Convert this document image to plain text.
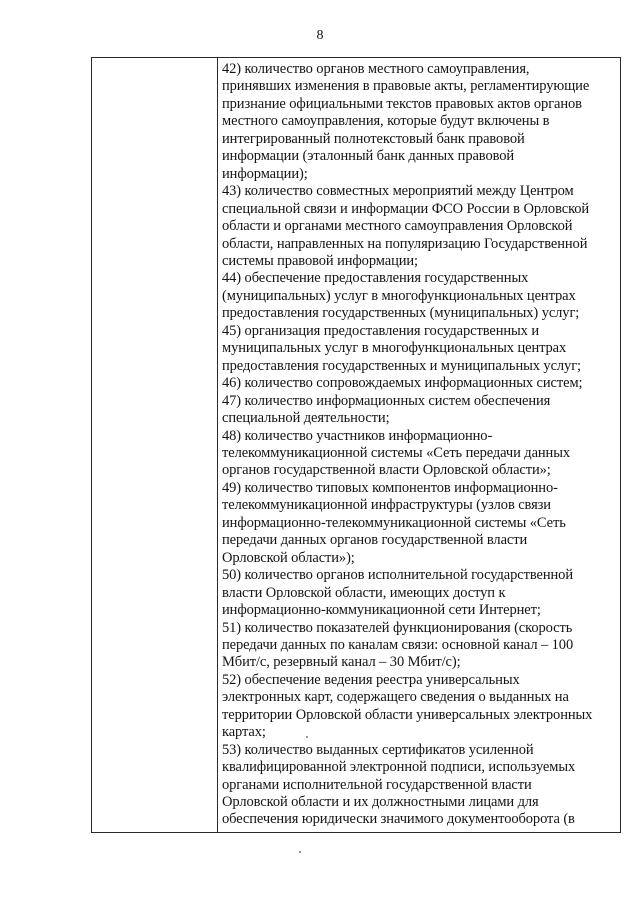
8
42) количество органов местного самоуправления,
принявших изменения в правовые акты, регламентирующие
признание официальными текстов правовых актов органов
местного самоуправления, которые будут включены в
интегрированный полнотекстовый банк правовой
информации (эталонный банк данных правовой
информации);
43) количество совместных мероприятий между Центром
специальной связи и информации ФСО России в Орловской
области и органами местного самоуправления Орловской
области, направленных на популяризацию Государственной
системы правовой информации;
44) обеспечение предоставления государственных
(муниципальных) услуг в многофункциональных центрах
предоставления государственных (муниципальных) услуг;
45) организация предоставления государственных и
муниципальных услуг в многофункциональных центрах
предоставления государственных и муниципальных услуг;
46) количество сопровождаемых информационных систем;
47) количество информационных систем обеспечения
специальной деятельности;
48) количество участников информационно-
телекоммуникационной системы «Сеть передачи данных
органов государственной власти Орловской области»;
49) количество типовых компонентов информационно-
телекоммуникационной инфраструктуры (узлов связи
информационно-телекоммуникационной системы «Сеть
передачи данных органов государственной власти
Орловской области»);
50) количество органов исполнительной государственной
власти Орловской области, имеющих доступ к
информационно-коммуникационной сети Интернет;
51) количество показателей функционирования (скорость
передачи данных по каналам связи: основной канал – 100
Мбит/с, резервный канал – 30 Мбит/с);
52) обеспечение ведения реестра универсальных
электронных карт, содержащего сведения о выданных на
территории Орловской области универсальных электронных
картах;
53) количество выданных сертификатов усиленной
квалифицированной электронной подписи, используемых
органами исполнительной государственной власти
Орловской области и их должностными лицами для
обеспечения юридически значимого документооборота (в
